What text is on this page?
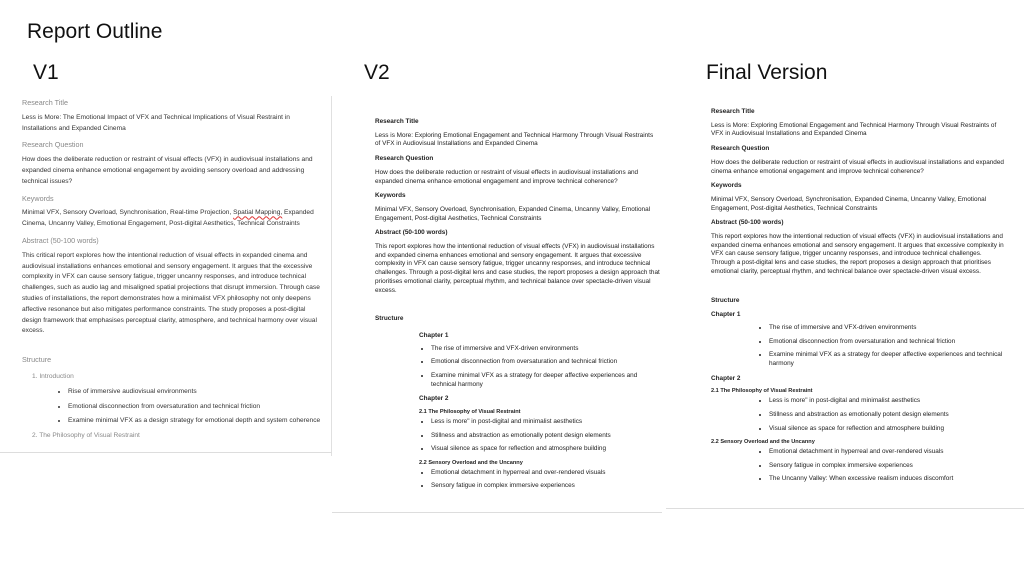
Report Outline
V1	V2	Final Version

Research Title

Less is More: The Emotional Impact of VFX and Technical Implications of Visual Restraint in Installations and Expanded Cinema

Research Question

How does the deliberate reduction or restraint of visual effects (VFX) in audiovisual installations and expanded cinema enhance emotional engagement by avoiding sensory overload and addressing technical issues?

Keywords

Minimal VFX, Sensory Overload, Synchronisation, Real-time Projection, Spatial Mapping, Expanded Cinema, Uncanny Valley, Emotional Engagement, Post-digital Aesthetics, Technical Constraints

Abstract (50-100 words)

This critical report explores how the intentional reduction of visual effects in expanded cinema and audiovisual installations enhances emotional and sensory engagement. It argues that the excessive complexity in VFX can cause sensory fatigue, trigger uncanny responses, and introduce technical challenges, such as audio lag and misaligned spatial projections that disrupt immersion. Through case studies of installations, the report demonstrates how a minimalist VFX philosophy not only deepens affective resonance but also mitigates performance constraints. The study proposes a post-digital design framework that emphasises perceptual clarity, atmosphere, and technical harmony over visual excess.

Structure

1. Introduction

• Rise of immersive audiovisual environments
• Emotional disconnection from oversaturation and technical friction
• Examine minimal VFX as a design strategy for emotional depth and system coherence

2. The Philosophy of Visual Restraint

Research Title

Less is More: Exploring Emotional Engagement and Technical Harmony Through Visual Restraints of VFX in Audiovisual Installations and Expanded Cinema

Research Question

How does the deliberate reduction or restraint of visual effects in audiovisual installations and expanded cinema enhance emotional engagement and improve technical coherence?

Keywords

Minimal VFX, Sensory Overload, Synchronisation, Expanded Cinema, Uncanny Valley, Emotional Engagement, Post-digital Aesthetics, Technical Constraints

Abstract (50-100 words)

This report explores how the intentional reduction of visual effects (VFX) in audiovisual installations and expanded cinema enhances emotional and sensory engagement. It argues that excessive complexity in VFX can cause sensory fatigue, trigger uncanny responses, and introduce technical challenges. Through a post-digital lens and case studies, the report proposes a design approach that prioritises emotional clarity, perceptual rhythm, and technical balance over spectacle-driven visual excess.

Structure

Chapter 1

• The rise of immersive and VFX-driven environments
• Emotional disconnection from oversaturation and technical friction
• Examine minimal VFX as a strategy for deeper affective experiences and technical harmony

Chapter 2

2.1 The Philosophy of Visual Restraint

• Less is more" in post-digital and minimalist aesthetics
• Stillness and abstraction as emotionally potent design elements
• Visual silence as space for reflection and atmosphere building

2.2 Sensory Overload and the Uncanny

• Emotional detachment in hyperreal and over-rendered visuals
• Sensory fatigue in complex immersive experiences

Research Title

Less is More: Exploring Emotional Engagement and Technical Harmony Through Visual Restraints of VFX in Audiovisual Installations and Expanded Cinema

Research Question

How does the deliberate reduction or restraint of visual effects in audiovisual installations and expanded cinema enhance emotional engagement and improve technical coherence?

Keywords

Minimal VFX, Sensory Overload, Synchronisation, Expanded Cinema, Uncanny Valley, Emotional Engagement, Post-digital Aesthetics, Technical Constraints

Abstract (50-100 words)

This report explores how the intentional reduction of visual effects (VFX) in audiovisual installations and expanded cinema enhances emotional and sensory engagement. It argues that excessive complexity in VFX can cause sensory fatigue, trigger uncanny responses, and introduce technical challenges. Through a post-digital lens and case studies, the report proposes a design approach that prioritises emotional clarity, perceptual rhythm, and technical balance over spectacle-driven visual excess.

Structure

Chapter 1

• The rise of immersive and VFX-driven environments
• Emotional disconnection from oversaturation and technical friction
• Examine minimal VFX as a strategy for deeper affective experiences and technical harmony

Chapter 2

2.1 The Philosophy of Visual Restraint

• Less is more" in post-digital and minimalist aesthetics
• Stillness and abstraction as emotionally potent design elements
• Visual silence as space for reflection and atmosphere building

2.2 Sensory Overload and the Uncanny

• Emotional detachment in hyperreal and over-rendered visuals
• Sensory fatigue in complex immersive experiences
• The Uncanny Valley: When excessive realism induces discomfort
